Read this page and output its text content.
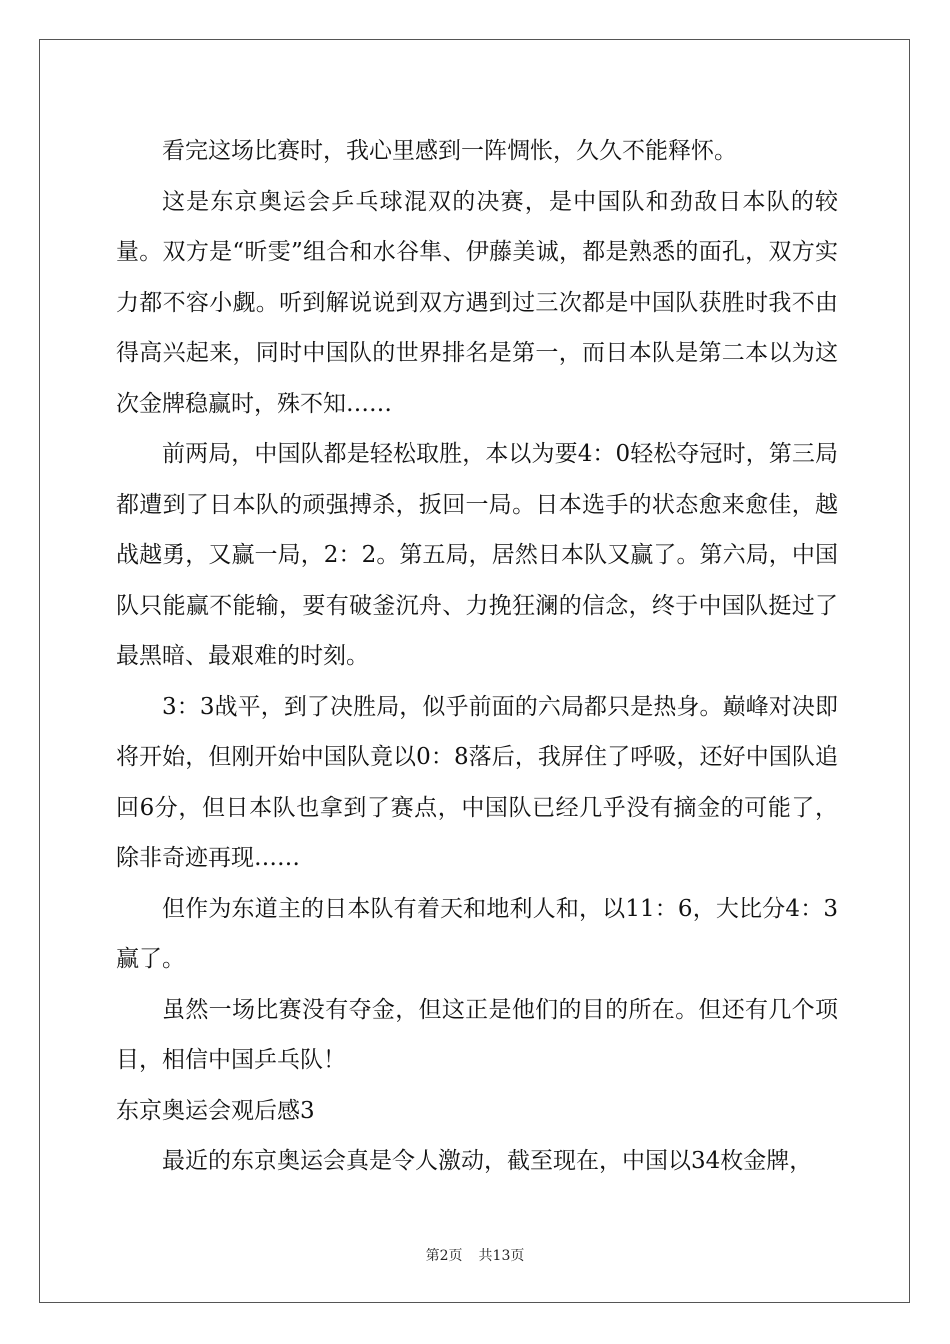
看完这场比赛时，我心里感到一阵惆怅，久久不能释怀。

这是东京奥运会乒乓球混双的决赛，是中国队和劲敌日本队的较量。双方是“昕雯”组合和水谷隼、伊藤美诚，都是熟悉的面孔，双方实力都不容小觑。听到解说说到双方遇到过三次都是中国队获胜时我不由得高兴起来，同时中国队的世界排名是第一，而日本队是第二本以为这次金牌稳赢时，殊不知……

前两局，中国队都是轻松取胜，本以为要4：0轻松夺冠时，第三局都遭到了日本队的顽强搏杀，扳回一局。日本选手的状态愈来愈佳，越战越勇，又赢一局，2：2。第五局，居然日本队又赢了。第六局，中国队只能赢不能输，要有破釜沉舟、力挽狂澜的信念，终于中国队挺过了最黑暗、最艰难的时刻。

3：3战平，到了决胜局，似乎前面的六局都只是热身。巅峰对决即将开始，但刚开始中国队竟以0：8落后，我屏住了呼吸，还好中国队追回6分，但日本队也拿到了赛点，中国队已经几乎没有摘金的可能了，除非奇迹再现……

但作为东道主的日本队有着天和地利人和，以11：6，大比分4：3赢了。

虽然一场比赛没有夺金，但这正是他们的目的所在。但还有几个项目，相信中国乒乓队！

东京奥运会观后感3

最近的东京奥运会真是令人激动，截至现在，中国以34枚金牌，

第2页 共13页
